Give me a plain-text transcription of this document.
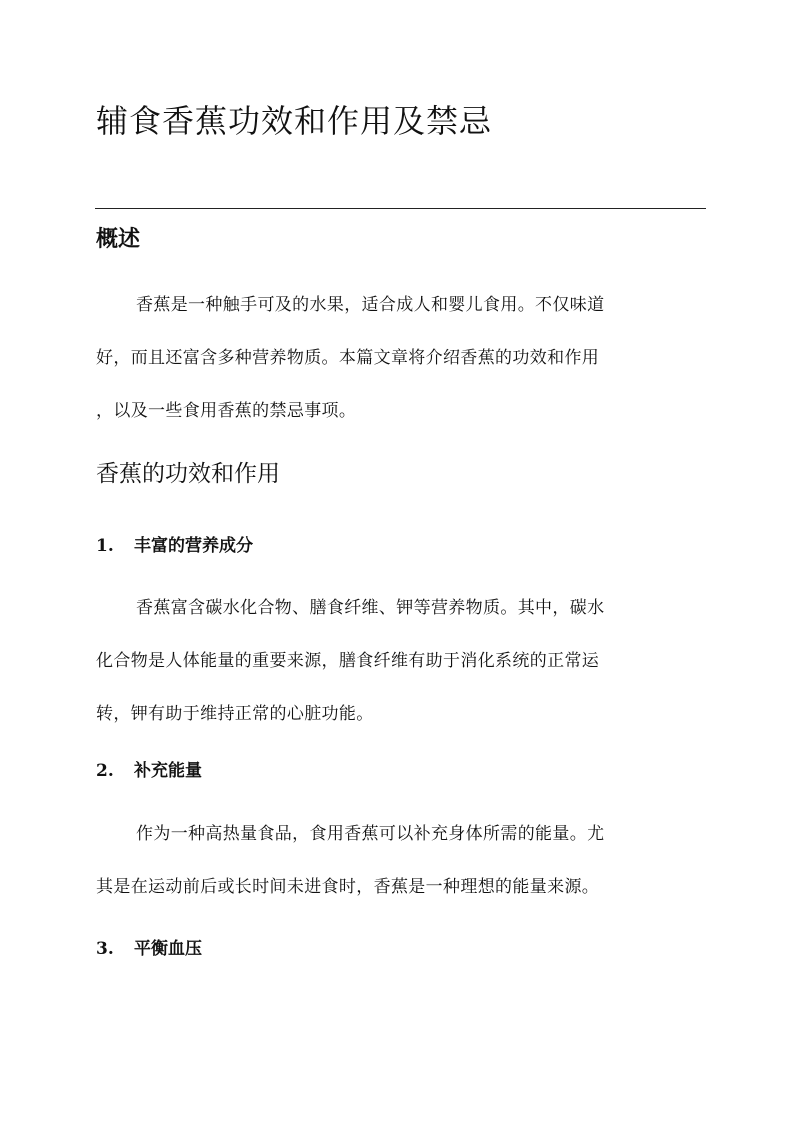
辅食香蕉功效和作用及禁忌
概述
香蕉是一种触手可及的水果，适合成人和婴儿食用。不仅味道
好，而且还富含多种营养物质。本篇文章将介绍香蕉的功效和作用
，以及一些食用香蕉的禁忌事项。
香蕉的功效和作用
1. 丰富的营养成分
香蕉富含碳水化合物、膳食纤维、钾等营养物质。其中，碳水
化合物是人体能量的重要来源，膳食纤维有助于消化系统的正常运
转，钾有助于维持正常的心脏功能。
2. 补充能量
作为一种高热量食品，食用香蕉可以补充身体所需的能量。尤
其是在运动前后或长时间未进食时，香蕉是一种理想的能量来源。
3. 平衡血压
